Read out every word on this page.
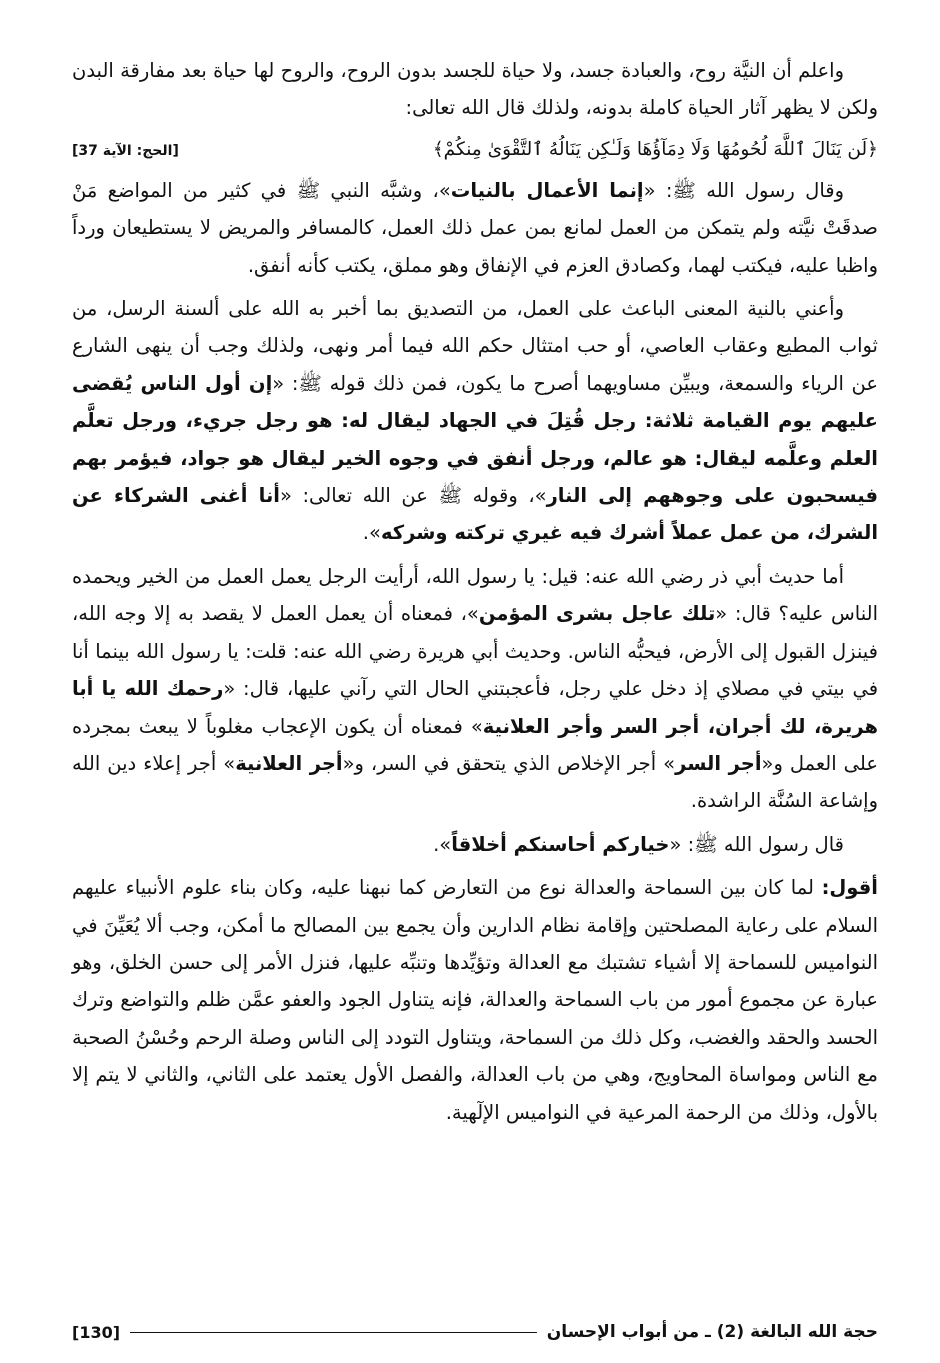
واعلم أن النيَّة روح، والعبادة جسد، ولا حياة للجسد بدون الروح، والروح لها حياة بعد مفارقة البدن ولكن لا يظهر آثار الحياة كاملة بدونه، ولذلك قال الله تعالى:

﴿لَن يَنَالَ ٱللَّهَ لُحُومُهَا وَلَا دِمَآؤُهَا وَلَـٰكِن يَنَالُهُ ٱلتَّقْوَىٰ مِنكُمْ﴾
[الحج: الآية 37]

وقال رسول الله ﷺ: «إنما الأعمال بالنيات»، وشبَّه النبي ﷺ في كثير من المواضع مَنْ صدقَتْ نيَّته ولم يتمكن من العمل لمانع بمن عمل ذلك العمل، كالمسافر والمريض لا يستطيعان ورداً واظبا عليه، فيكتب لهما، وكصادق العزم في الإنفاق وهو مملق، يكتب كأنه أنفق.

وأعني بالنية المعنى الباعث على العمل، من التصديق بما أخبر به الله على ألسنة الرسل، من ثواب المطيع وعقاب العاصي، أو حب امتثال حكم الله فيما أمر ونهى، ولذلك وجب أن ينهى الشارع عن الرياء والسمعة، ويبيِّن مساويهما أصرح ما يكون، فمن ذلك قوله ﷺ: «إن أول الناس يُقضى عليهم يوم القيامة ثلاثة: رجل قُتِلَ في الجهاد ليقال له: هو رجل جريء، ورجل تعلَّم العلم وعلَّمه ليقال: هو عالم، ورجل أنفق في وجوه الخير ليقال هو جواد، فيؤمر بهم فيسحبون على وجوههم إلى النار»، وقوله ﷺ عن الله تعالى: «أنا أغنى الشركاء عن الشرك، من عمل عملاً أشرك فيه غيري تركته وشركه».

أما حديث أبي ذر رضي الله عنه: قيل: يا رسول الله، أرأيت الرجل يعمل العمل من الخير ويحمده الناس عليه؟ قال: «تلك عاجل بشرى المؤمن»، فمعناه أن يعمل العمل لا يقصد به إلا وجه الله، فينزل القبول إلى الأرض، فيحبُّه الناس. وحديث أبي هريرة رضي الله عنه: قلت: يا رسول الله بينما أنا في بيتي في مصلاي إذ دخل علي رجل، فأعجبتني الحال التي رآني عليها، قال: «رحمك الله يا أبا هريرة، لك أجران، أجر السر وأجر العلانية» فمعناه أن يكون الإعجاب مغلوباً لا يبعث بمجرده على العمل و«أجر السر» أجر الإخلاص الذي يتحقق في السر، و«أجر العلانية» أجر إعلاء دين الله وإشاعة السُنَّة الراشدة.

قال رسول الله ﷺ: «خياركم أحاسنكم أخلاقاً».

أقول: لما كان بين السماحة والعدالة نوع من التعارض كما نبهنا عليه، وكان بناء علوم الأنبياء عليهم السلام على رعاية المصلحتين وإقامة نظام الدارين وأن يجمع بين المصالح ما أمكن، وجب ألا يُعَيِّنَ في النواميس للسماحة إلا أشياء تشتبك مع العدالة وتؤيِّدها وتنبِّه عليها، فنزل الأمر إلى حسن الخلق، وهو عبارة عن مجموع أمور من باب السماحة والعدالة، فإنه يتناول الجود والعفو عمَّن ظلم والتواضع وترك الحسد والحقد والغضب، وكل ذلك من السماحة، ويتناول التودد إلى الناس وصلة الرحم وحُسْنُ الصحبة مع الناس ومواساة المحاويج، وهي من باب العدالة، والفصل الأول يعتمد على الثاني، والثاني لا يتم إلا بالأول، وذلك من الرحمة المرعية في النواميس الإلٓهية.

حجة الله البالغة (2) ـ من أبواب الإحسان
[130]
